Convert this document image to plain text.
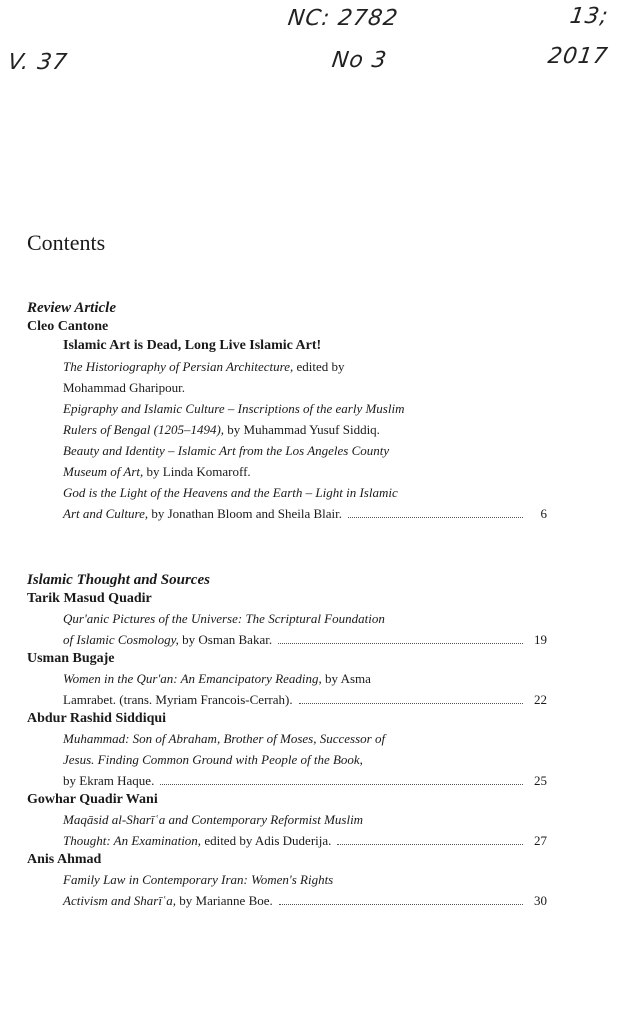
NC: 2782
V. 37	No 3
13;
2017
Contents

Review Article

Cleo Cantone

Islamic Art is Dead, Long Live Islamic Art!
The Historiography of Persian Architecture, edited by
Mohammad Gharipour.
Epigraphy and Islamic Culture – Inscriptions of the early Muslim
Rulers of Bengal (1205–1494), by Muhammad Yusuf Siddiq.
Beauty and Identity – Islamic Art from the Los Angeles County
Museum of Art, by Linda Komaroff.
God is the Light of the Heavens and the Earth – Light in Islamic
Art and Culture, by Jonathan Bloom and Sheila Blair.	6

Islamic Thought and Sources

Tarik Masud Quadir

Qur'anic Pictures of the Universe: The Scriptural Foundation
of Islamic Cosmology, by Osman Bakar.	19

Usman Bugaje

Women in the Qur'an: An Emancipatory Reading, by Asma
Lamrabet. (trans. Myriam Francois-Cerrah).	22

Abdur Rashid Siddiqui

Muhammad: Son of Abraham, Brother of Moses, Successor of
Jesus. Finding Common Ground with People of the Book,
by Ekram Haque.	25

Gowhar Quadir Wani

Maqāsid al-Sharīʿa and Contemporary Reformist Muslim
Thought: An Examination, edited by Adis Duderija.	27

Anis Ahmad

Family Law in Contemporary Iran: Women's Rights
Activism and Sharīʿa, by Marianne Boe.	30
